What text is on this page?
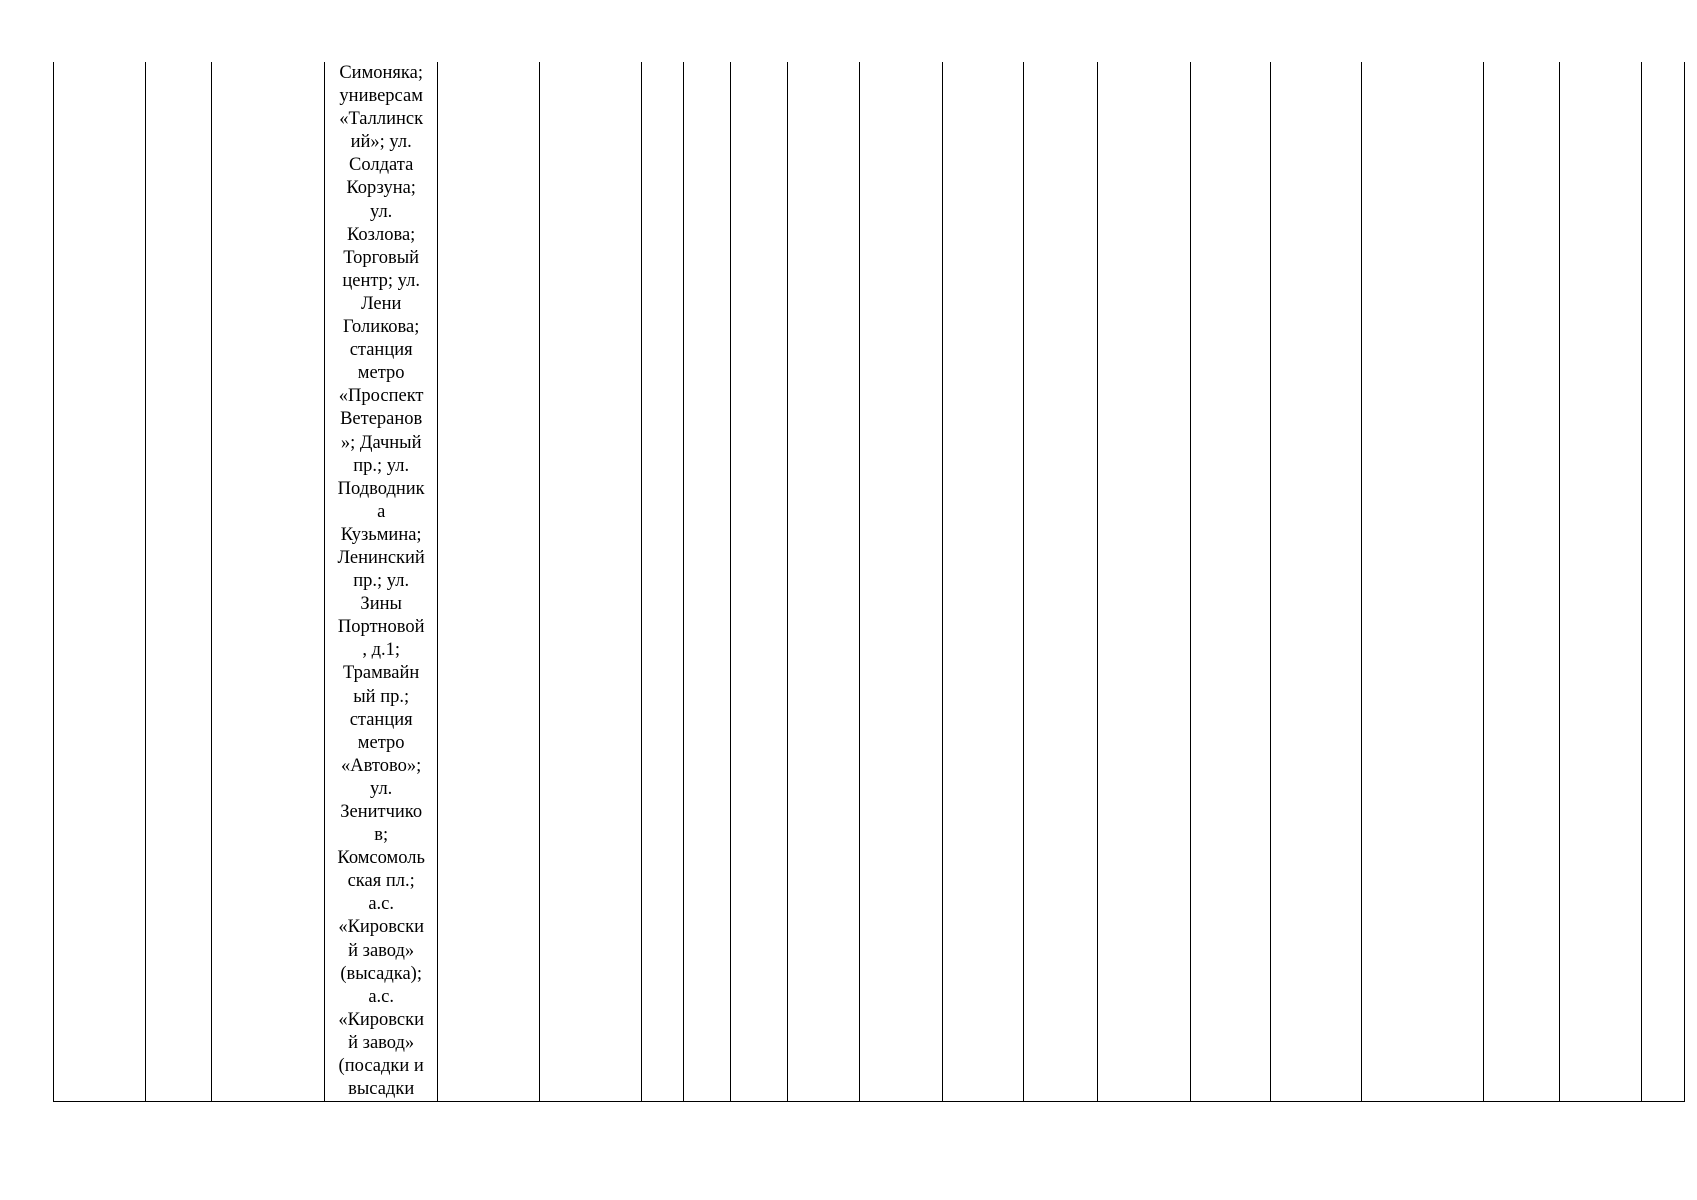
Симоняка;
универсам
«Таллинск
ий»; ул.
Солдата
Корзуна;
ул.
Козлова;
Торговый
центр; ул.
Лени
Голикова;
станция
метро
«Проспект
Ветеранов
»; Дачный
пр.; ул.
Подводник
а
Кузьмина;
Ленинский
пр.; ул.
Зины
Портновой
, д.1;
Трамвайн
ый пр.;
станция
метро
«Автово»;
ул.
Зенитчико
в;
Комсомоль
ская пл.;
а.с.
«Кировски
й завод»
(высадка);
а.с.
«Кировски
й завод»
(посадки и
высадки
